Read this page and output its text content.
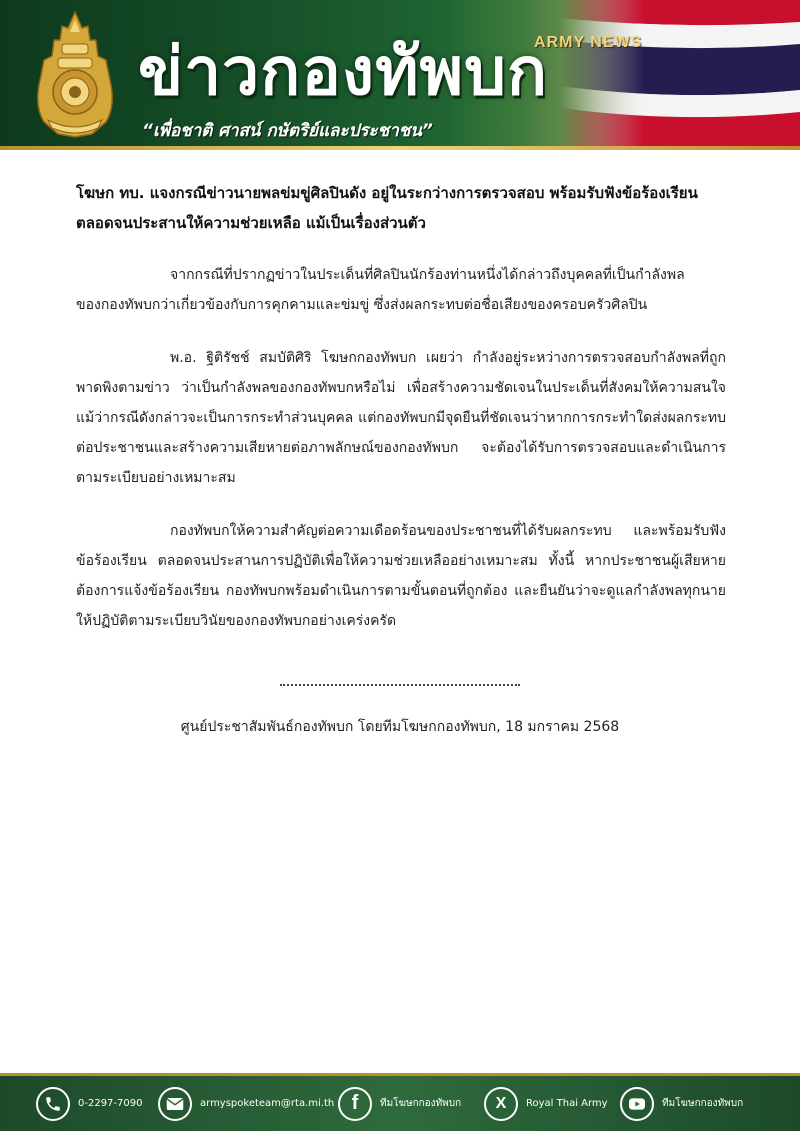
ARMY NEWS
ข่าวกองทัพบก
“เพื่อชาติ ศาสน์ กษัตริย์และประชาชน”
โฆษก ทบ. แจงกรณีข่าวนายพลข่มขู่ศิลปินดัง อยู่ในระกว่างการตรวจสอบ พร้อมรับฟังข้อร้องเรียน ตลอดจนประสานให้ความช่วยเหลือ แม้เป็นเรื่องส่วนตัว

จากกรณีที่ปรากฏข่าวในประเด็นที่ศิลปินนักร้องท่านหนึ่งได้กล่าวถึงบุคคลที่เป็นกำลังพลของกองทัพบกว่าเกี่ยวข้องกับการคุกคามและข่มขู่ ซึ่งส่งผลกระทบต่อชื่อเสียงของครอบครัวศิลปิน

พ.อ. ฐิติรัชช์ สมบัติศิริ โฆษกกองทัพบก เผยว่า กำลังอยู่ระหว่างการตรวจสอบกำลังพลที่ถูกพาดพิงตามข่าว ว่าเป็นกำลังพลของกองทัพบกหรือไม่ เพื่อสร้างความชัดเจนในประเด็นที่สังคมให้ความสนใจ แม้ว่ากรณีดังกล่าวจะเป็นการกระทำส่วนบุคคล แต่กองทัพบกมีจุดยืนที่ชัดเจนว่าหากการกระทำใดส่งผลกระทบต่อประชาชนและสร้างความเสียหายต่อภาพลักษณ์ของกองทัพบก จะต้องได้รับการตรวจสอบและดำเนินการตามระเบียบอย่างเหมาะสม

กองทัพบกให้ความสำคัญต่อความเดือดร้อนของประชาชนที่ได้รับผลกระทบ และพร้อมรับฟังข้อร้องเรียน ตลอดจนประสานการปฏิบัติเพื่อให้ความช่วยเหลืออย่างเหมาะสม ทั้งนี้ หากประชาชนผู้เสียหายต้องการแจ้งข้อร้องเรียน กองทัพบกพร้อมดำเนินการตามขั้นตอนที่ถูกต้อง และยืนยันว่าจะดูแลกำลังพลทุกนายให้ปฏิบัติตามระเบียบวินัยของกองทัพบกอย่างเคร่งครัด

ศูนย์ประชาสัมพันธ์กองทัพบก โดยทีมโฆษกกองทัพบก, 18 มกราคม 2568
0-2297-7090	armyspoketeam@rta.mi.th f	ทีมโฆษกกองทัพบก	X	Royal Thai Army	ทีมโฆษกกองทัพบก
